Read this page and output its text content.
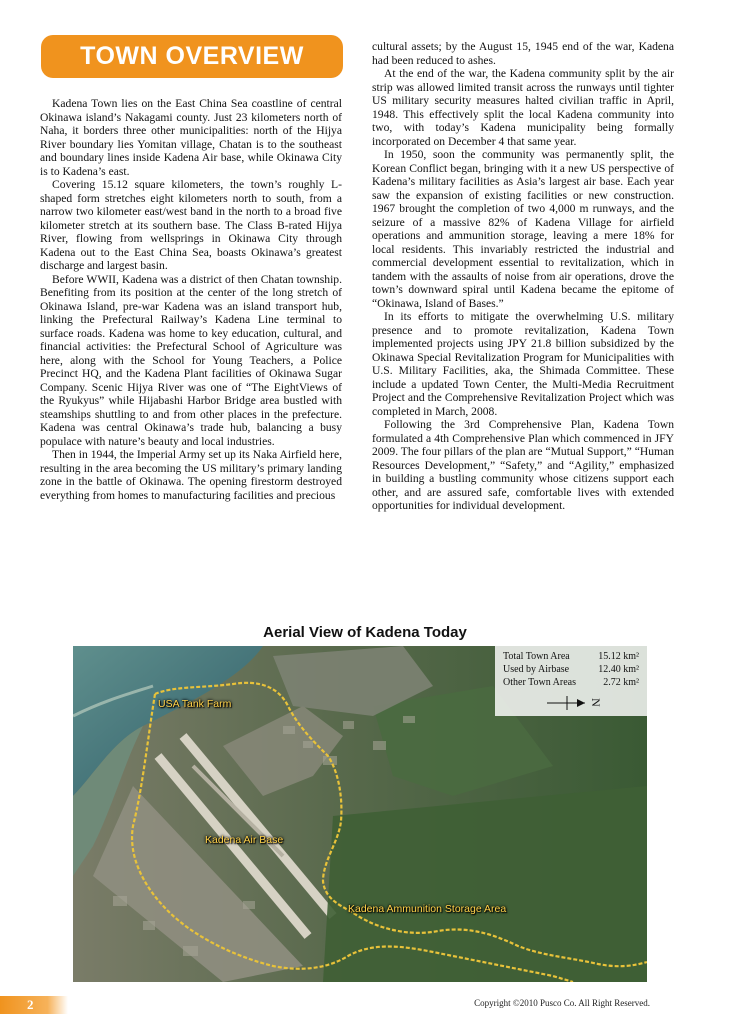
TOWN OVERVIEW

Kadena Town lies on the East China Sea coastline of central Okinawa island’s Nakagami county. Just 23 kilometers north of Naha, it borders three other municipalities: north of the Hijya River boundary lies Yomitan village, Chatan is to the southeast and boundary lines inside Kadena Air base, while Okinawa City is to Kadena’s east.

Covering 15.12 square kilometers, the town’s roughly L-shaped form stretches eight kilometers north to south, from a narrow two kilometer east/west band in the north to a broad five kilometer stretch at its southern base. The Class B-rated Hijya River, flowing from wellsprings in Okinawa City through Kadena out to the East China Sea, boasts Okinawa’s greatest discharge and largest basin.

Before WWII, Kadena was a district of then Chatan township. Benefiting from its position at the center of the long stretch of Okinawa Island, pre-war Kadena was an island transport hub, linking the Prefectural Railway’s Kadena Line terminal to surface roads. Kadena was home to key education, cultural, and financial activities: the Prefectural School of Agriculture was here, along with the School for Young Teachers, a Police Precinct HQ, and the Kadena Plant facilities of Okinawa Sugar Company. Scenic Hijya River was one of “The EightViews of the Ryukyus” while Hijabashi Harbor Bridge area bustled with steamships shuttling to and from other places in the prefecture. Kadena was central Okinawa’s trade hub, balancing a busy populace with nature’s beauty and local industries.

Then in 1944, the Imperial Army set up its Naka Airfield here, resulting in the area becoming the US military’s primary landing zone in the battle of Okinawa. The opening firestorm destroyed everything from homes to manufacturing facilities and precious

cultural assets; by the August 15, 1945 end of the war, Kadena had been reduced to ashes.

At the end of the war, the Kadena community split by the air strip was allowed limited transit across the runways until tighter US military security measures halted civilian traffic in April, 1948. This effectively split the local Kadena community into two, with today’s Kadena municipality being formally incorporated on December 4 that same year.

In 1950, soon the community was permanently split, the Korean Conflict began, bringing with it a new US perspective of Kadena’s military facilities as Asia’s largest air base. Each year saw the expansion of existing facilities or new construction. 1967 brought the completion of two 4,000 m runways, and the seizure of a massive 82% of Kadena Village for airfield operations and ammunition storage, leaving a mere 18% for local residents. This invariably restricted the industrial and commercial development essential to revitalization, which in tandem with the assaults of noise from air operations, drove the town’s downward spiral until Kadena became the epitome of “Okinawa, Island of Bases.”

In its efforts to mitigate the overwhelming U.S. military presence and to promote revitalization, Kadena Town implemented projects using JPY 21.8 billion subsidized by the Okinawa Special Revitalization Program for Municipalities with U.S. Military Facilities, aka, the Shimada Committee. These include a updated Town Center, the Multi-Media Recruitment Project and the Comprehensive Revitalization Project which was completed in March, 2008.

Following the 3rd Comprehensive Plan, Kadena Town formulated a 4th Comprehensive Plan which commenced in JFY 2009. The four pillars of the plan are “Mutual Support,” “Human Resources Development,” “Safety,” and “Agility,” emphasized in building a bustling community whose citizens support each other, and are assured safe, comfortable lives with extended opportunities for individual development.

Aerial View of Kadena Today
Total Town Area	15.12 km²
Used by Airbase	12.40 km²
Other Town Areas	2.72 km²
N
USA Tank Farm
Kadena Air Base
Kadena Ammunition Storage Area
2	Copyright ©2010 Pusco Co. All Right Reserved.
